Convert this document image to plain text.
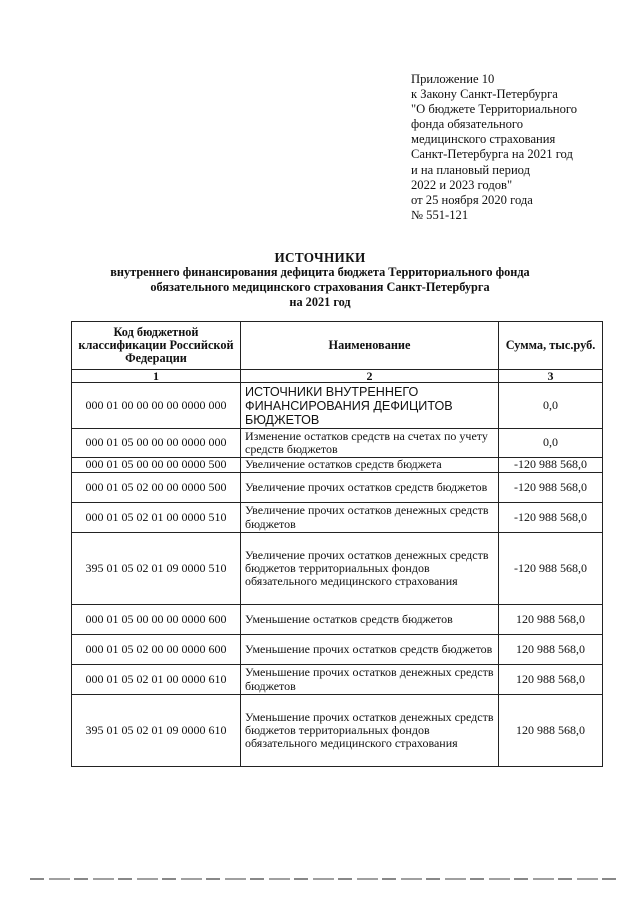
Приложение 10
к Закону Санкт-Петербурга
"О бюджете Территориального
фонда обязательного
медицинского страхования
Санкт-Петербурга на 2021 год
и на плановый период
2022 и 2023 годов"
от 25 ноября 2020 года
№ 551-121
ИСТОЧНИКИ
внутреннего финансирования дефицита бюджета Территориального фонда
обязательного медицинского страхования Санкт-Петербурга
на 2021 год
Код бюджетной классификации Российской Федерации	Наименование	Сумма, тыс.руб.
1	2	3
000 01 00 00 00 00 0000 000	ИСТОЧНИКИ ВНУТРЕННЕГО ФИНАНСИРОВАНИЯ ДЕФИЦИТОВ БЮДЖЕТОВ	0,0
000 01 05 00 00 00 0000 000	Изменение остатков средств на счетах по учету средств бюджетов	0,0
000 01 05 00 00 00 0000 500	Увеличение остатков средств бюджета	-120 988 568,0
000 01 05 02 00 00 0000 500	Увеличение прочих остатков средств бюджетов	-120 988 568,0
000 01 05 02 01 00 0000 510	Увеличение прочих остатков денежных средств бюджетов	-120 988 568,0
395 01 05 02 01 09 0000 510	Увеличение прочих остатков денежных средств бюджетов территориальных фондов обязательного медицинского страхования	-120 988 568,0
000 01 05 00 00 00 0000 600	Уменьшение остатков средств бюджетов	120 988 568,0
000 01 05 02 00 00 0000 600	Уменьшение прочих остатков средств бюджетов	120 988 568,0
000 01 05 02 01 00 0000 610	Уменьшение прочих остатков денежных средств бюджетов	120 988 568,0
395 01 05 02 01 09 0000 610	Уменьшение прочих остатков денежных средств бюджетов территориальных фондов обязательного медицинского страхования	120 988 568,0
